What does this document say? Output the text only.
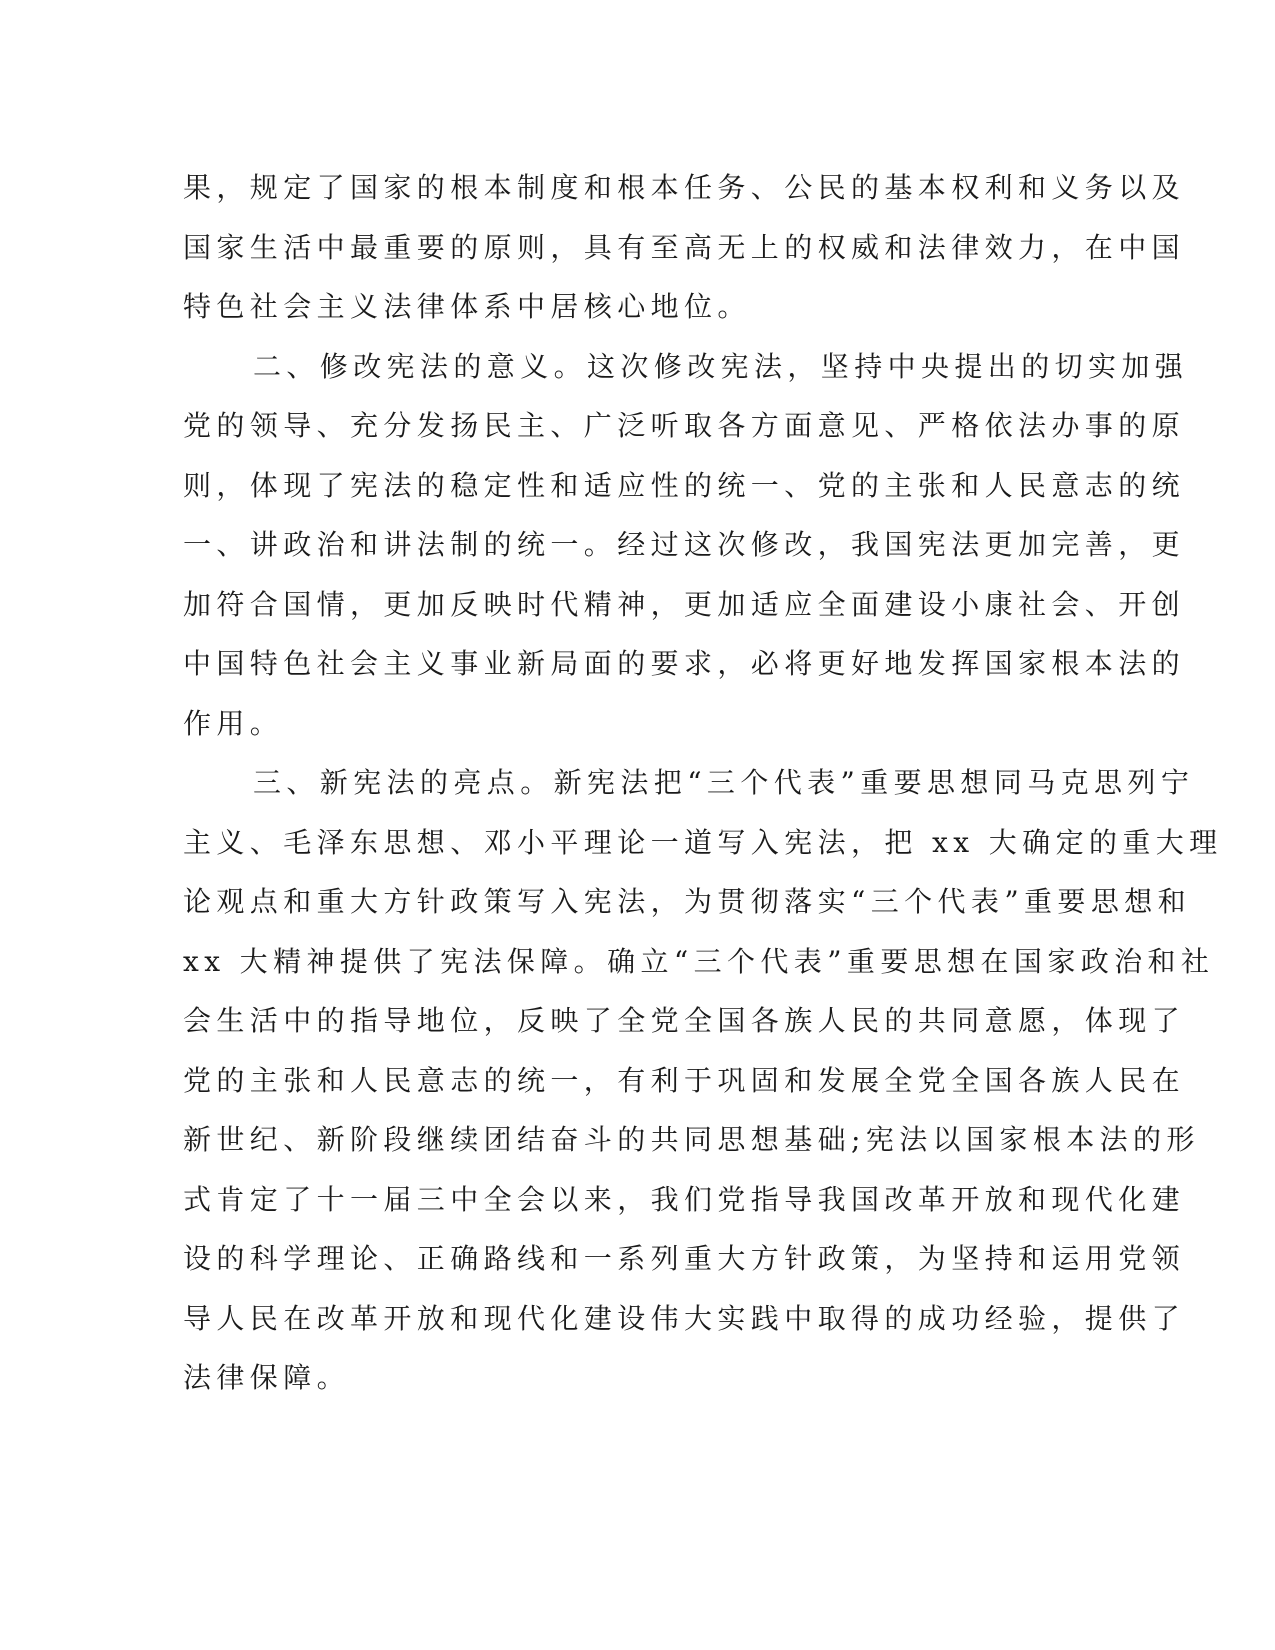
果，规定了国家的根本制度和根本任务、公民的基本权利和义务以及
国家生活中最重要的原则，具有至高无上的权威和法律效力，在中国
特色社会主义法律体系中居核心地位。
二、修改宪法的意义。这次修改宪法，坚持中央提出的切实加强
党的领导、充分发扬民主、广泛听取各方面意见、严格依法办事的原
则，体现了宪法的稳定性和适应性的统一、党的主张和人民意志的统
一、讲政治和讲法制的统一。经过这次修改，我国宪法更加完善，更
加符合国情，更加反映时代精神，更加适应全面建设小康社会、开创
中国特色社会主义事业新局面的要求，必将更好地发挥国家根本法的
作用。
三、新宪法的亮点。新宪法把“三个代表”重要思想同马克思列宁
主义、毛泽东思想、邓小平理论一道写入宪法，把 xx 大确定的重大理
论观点和重大方针政策写入宪法，为贯彻落实“三个代表”重要思想和
xx 大精神提供了宪法保障。确立“三个代表”重要思想在国家政治和社
会生活中的指导地位，反映了全党全国各族人民的共同意愿，体现了
党的主张和人民意志的统一，有利于巩固和发展全党全国各族人民在
新世纪、新阶段继续团结奋斗的共同思想基础;宪法以国家根本法的形
式肯定了十一届三中全会以来，我们党指导我国改革开放和现代化建
设的科学理论、正确路线和一系列重大方针政策，为坚持和运用党领
导人民在改革开放和现代化建设伟大实践中取得的成功经验，提供了
法律保障。
